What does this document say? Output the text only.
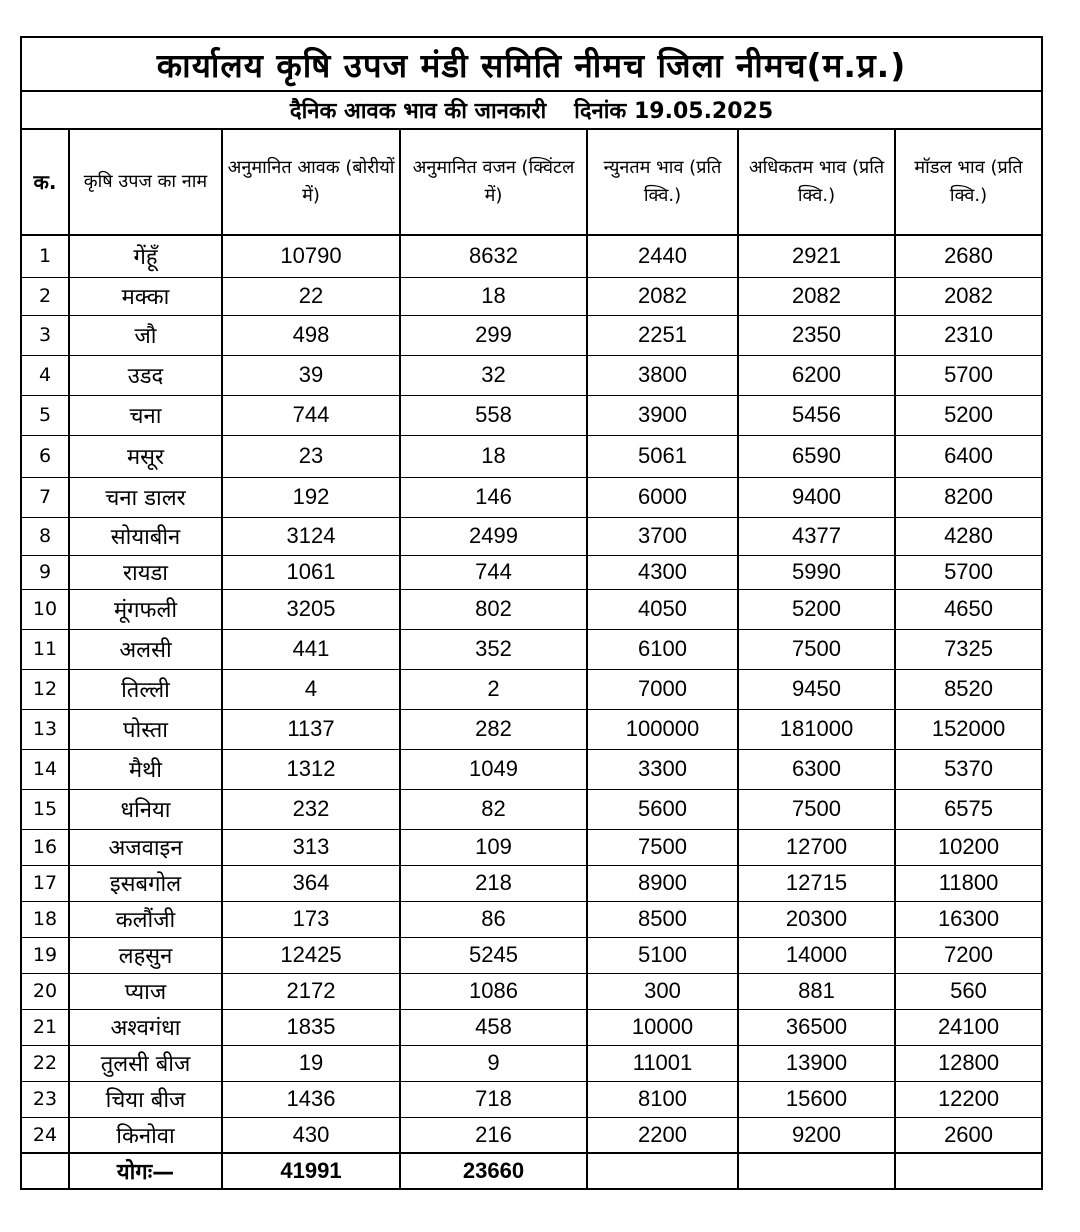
कार्यालय कृषि उपज मंडी समिति नीमच जिला नीमच(म.प्र.)						
दैनिक आवक भाव की जानकारी दिनांक 19.05.2025						
क.	कृषि उपज का नाम	अनुमानित आवक (बोरीयों में)	अनुमानित वजन (क्विंटल में)	न्युनतम भाव (प्रति क्वि.)	अधिकतम भाव (प्रति क्वि.)	मॉडल भाव (प्रति क्वि.)
1	गेंहूँ	10790	8632	2440	2921	2680
2	मक्का	22	18	2082	2082	2082
3	जौ	498	299	2251	2350	2310
4	उडद	39	32	3800	6200	5700
5	चना	744	558	3900	5456	5200
6	मसूर	23	18	5061	6590	6400
7	चना डालर	192	146	6000	9400	8200
8	सोयाबीन	3124	2499	3700	4377	4280
9	रायडा	1061	744	4300	5990	5700
10	मूंगफली	3205	802	4050	5200	4650
11	अलसी	441	352	6100	7500	7325
12	तिल्ली	4	2	7000	9450	8520
13	पोस्ता	1137	282	100000	181000	152000
14	मैथी	1312	1049	3300	6300	5370
15	धनिया	232	82	5600	7500	6575
16	अजवाइन	313	109	7500	12700	10200
17	इसबगोल	364	218	8900	12715	11800
18	कलौंजी	173	86	8500	20300	16300
19	लहसुन	12425	5245	5100	14000	7200
20	प्याज	2172	1086	300	881	560
21	अश्वगंधा	1835	458	10000	36500	24100
22	तुलसी बीज	19	9	11001	13900	12800
23	चिया बीज	1436	718	8100	15600	12200
24	किनोवा	430	216	2200	9200	2600
	योगः—	41991	23660			
